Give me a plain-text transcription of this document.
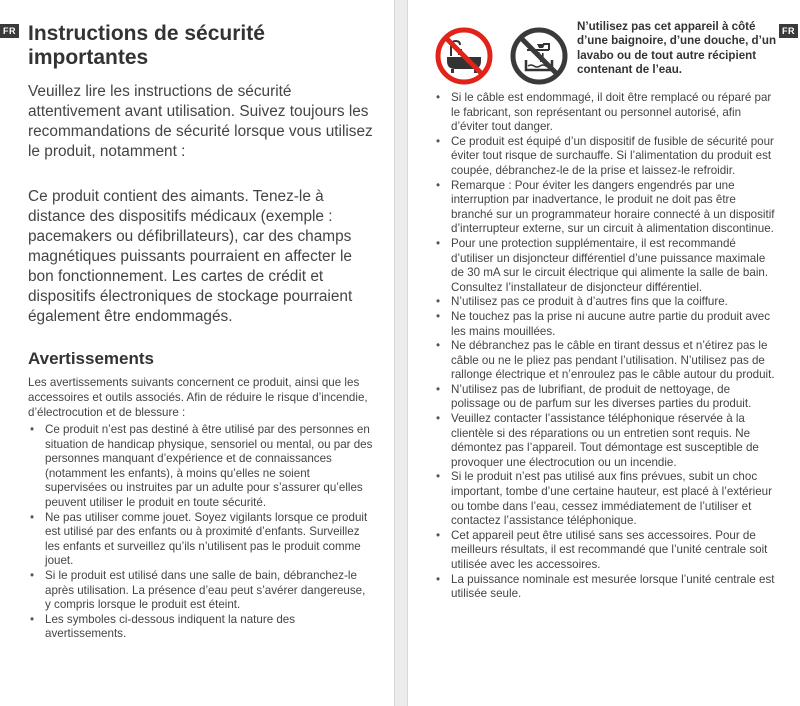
FR Instructions de sécurité importantes

Veuillez lire les instructions de sécurité attentivement avant utilisation. Suivez toujours les recommandations de sécurité lorsque vous utilisez le produit, notamment :

Ce produit contient des aimants. Tenez-le à distance des dispositifs médicaux (exemple : pacemakers ou défibrillateurs), car des champs magnétiques puissants pourraient en affecter le bon fonctionnement. Les cartes de crédit et dispositifs électroniques de stockage pourraient également être endommagés.

Avertissements

Les avertissements suivants concernent ce produit, ainsi que les accessoires et outils associés. Afin de réduire le risque d’incendie, d’électrocution et de blessure :

• Ce produit n’est pas destiné à être utilisé par des personnes en situation de handicap physique, sensoriel ou mental, ou par des personnes manquant d’expérience et de connaissances (notamment les enfants), à moins qu’elles ne soient supervisées ou instruites par un adulte pour s’assurer qu’elles peuvent utiliser le produit en toute sécurité.
• Ne pas utiliser comme jouet. Soyez vigilants lorsque ce produit est utilisé par des enfants ou à proximité d’enfants. Surveillez les enfants et surveillez qu’ils n’utilisent pas le produit comme jouet.
• Si le produit est utilisé dans une salle de bain, débranchez-le après utilisation. La présence d’eau peut s’avérer dangereuse, y compris lorsque le produit est éteint.
• Les symboles ci-dessous indiquent la nature des avertissements.
FR

N’utilisez pas cet appareil à côté d’une baignoire, d’une douche, d’un lavabo ou de tout autre récipient contenant de l’eau.

• Si le câble est endommagé, il doit être remplacé ou réparé par le fabricant, son représentant ou personnel autorisé, afin d’éviter tout danger.
• Ce produit est équipé d’un dispositif de fusible de sécurité pour éviter tout risque de surchauffe. Si l’alimentation du produit est coupée, débranchez-le de la prise et laissez-le refroidir.
• Remarque : Pour éviter les dangers engendrés par une interruption par inadvertance, le produit ne doit pas être branché sur un programmateur horaire connecté à un dispositif d’interrupteur externe, sur un circuit à alimentation discontinue.
• Pour une protection supplémentaire, il est recommandé d’utiliser un disjoncteur différentiel d’une puissance maximale de 30 mA sur le circuit électrique qui alimente la salle de bain. Consultez l’installateur de disjoncteur différentiel.
• N’utilisez pas ce produit à d’autres fins que la coiffure.
• Ne touchez pas la prise ni aucune autre partie du produit avec les mains mouillées.
• Ne débranchez pas le câble en tirant dessus et n’étirez pas le câble ou ne le pliez pas pendant l’utilisation. N’utilisez pas de rallonge électrique et n’enroulez pas le câble autour du produit.
• N’utilisez pas de lubrifiant, de produit de nettoyage, de polissage ou de parfum sur les diverses parties du produit.
• Veuillez contacter l’assistance téléphonique réservée à la clientèle si des réparations ou un entretien sont requis. Ne démontez pas l’appareil. Tout démontage est susceptible de provoquer une électrocution ou un incendie.
• Si le produit n’est pas utilisé aux fins prévues, subit un choc important, tombe d’une certaine hauteur, est placé à l’extérieur ou tombe dans l’eau, cessez immédiatement de l’utiliser et contactez l’assistance téléphonique.
• Cet appareil peut être utilisé sans ses accessoires. Pour de meilleurs résultats, il est recommandé que l’unité centrale soit utilisée avec les accessoires.
• La puissance nominale est mesurée lorsque l’unité centrale est utilisée seule.
